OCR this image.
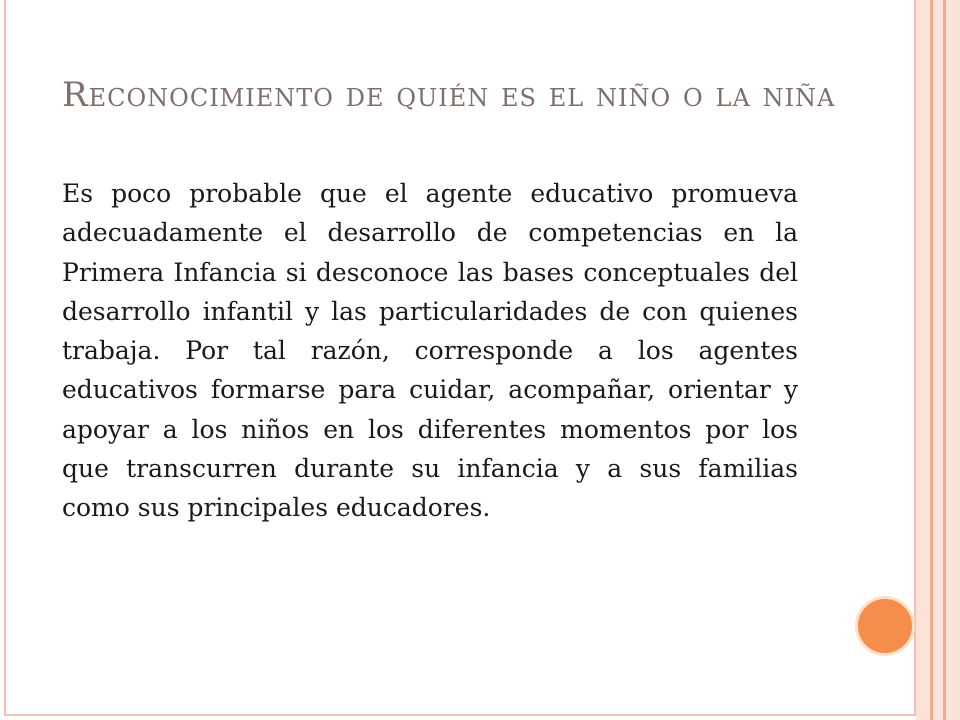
Reconocimiento de quién es el niño o la niña

Es poco probable que el agente educativo promueva adecuadamente el desarrollo de competencias en la Primera Infancia si desconoce las bases conceptuales del desarrollo infantil y las particularidades de con quienes trabaja. Por tal razón, corresponde a los agentes educativos formarse para cuidar, acompañar, orientar y apoyar a los niños en los diferentes momentos por los que transcurren durante su infancia y a sus familias como sus principales educadores.
